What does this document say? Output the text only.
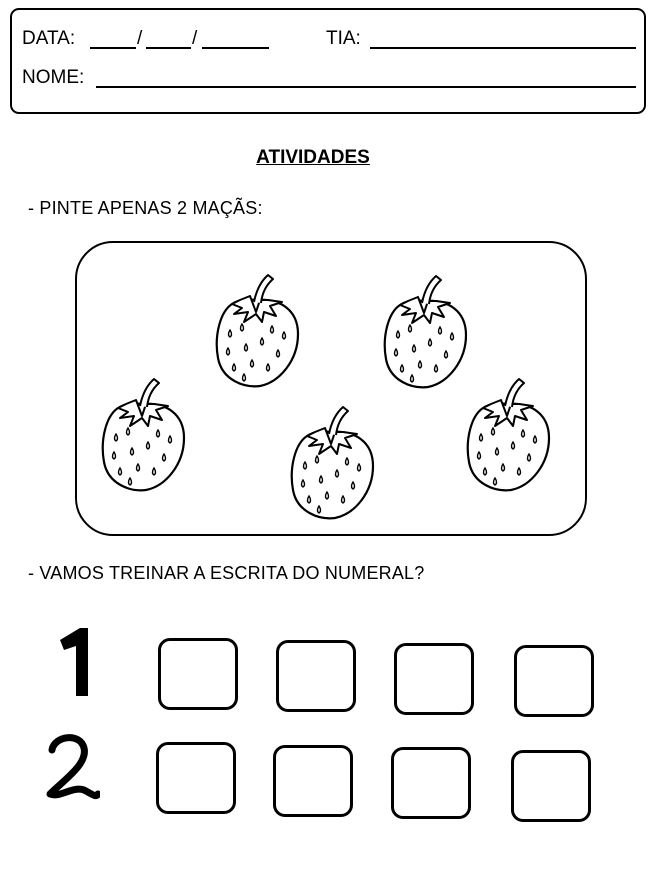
DATA:	/	/	TIA:
NOME:
ATIVIDADES
- PINTE APENAS 2 MAÇÃS:
- VAMOS TREINAR A ESCRITA DO NUMERAL?
